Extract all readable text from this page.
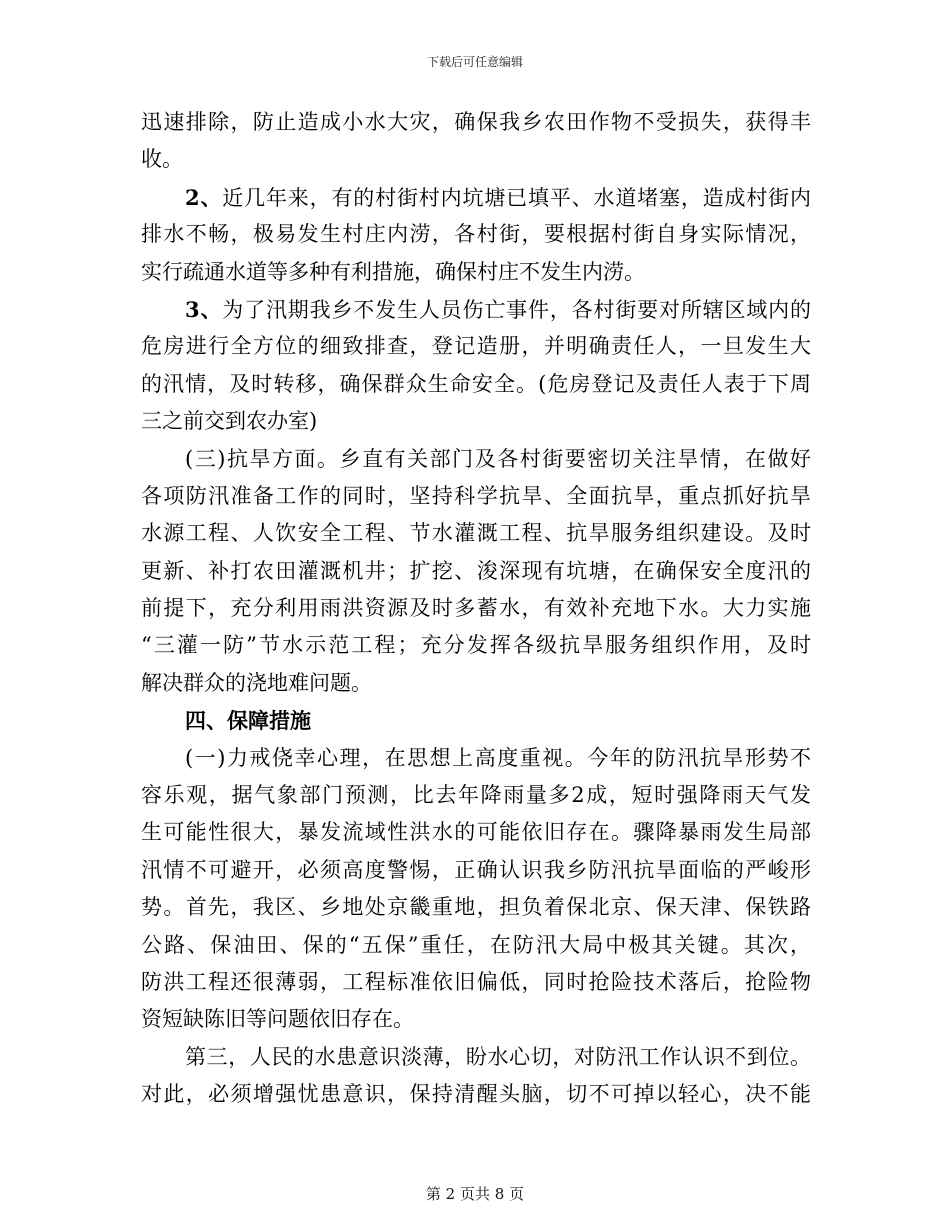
下载后可任意编辑
迅速排除，防止造成小水大灾，确保我乡农田作物不受损失，获得丰
收。
2、近几年来，有的村街村内坑塘已填平、水道堵塞，造成村街内
排水不畅，极易发生村庄内涝，各村街，要根据村街自身实际情况，
实行疏通水道等多种有利措施，确保村庄不发生内涝。
3、为了汛期我乡不发生人员伤亡事件，各村街要对所辖区域内的
危房进行全方位的细致排查，登记造册，并明确责任人，一旦发生大
的汛情，及时转移，确保群众生命安全。(危房登记及责任人表于下周
三之前交到农办室)
(三)抗旱方面。乡直有关部门及各村街要密切关注旱情，在做好
各项防汛准备工作的同时，坚持科学抗旱、全面抗旱，重点抓好抗旱
水源工程、人饮安全工程、节水灌溉工程、抗旱服务组织建设。及时
更新、补打农田灌溉机井；扩挖、浚深现有坑塘，在确保安全度汛的
前提下，充分利用雨洪资源及时多蓄水，有效补充地下水。大力实施
“三灌一防”节水示范工程；充分发挥各级抗旱服务组织作用，及时
解决群众的浇地难问题。
四、保障措施
(一)力戒侥幸心理，在思想上高度重视。今年的防汛抗旱形势不
容乐观，据气象部门预测，比去年降雨量多2成，短时强降雨天气发
生可能性很大，暴发流域性洪水的可能依旧存在。骤降暴雨发生局部
汛情不可避开，必须高度警惕，正确认识我乡防汛抗旱面临的严峻形
势。首先，我区、乡地处京畿重地，担负着保北京、保天津、保铁路
公路、保油田、保的“五保”重任，在防汛大局中极其关键。其次，
防洪工程还很薄弱，工程标准依旧偏低，同时抢险技术落后，抢险物
资短缺陈旧等问题依旧存在。
第三，人民的水患意识淡薄，盼水心切，对防汛工作认识不到位。
对此，必须增强忧患意识，保持清醒头脑，切不可掉以轻心，决不能
第 2 页共 8 页
